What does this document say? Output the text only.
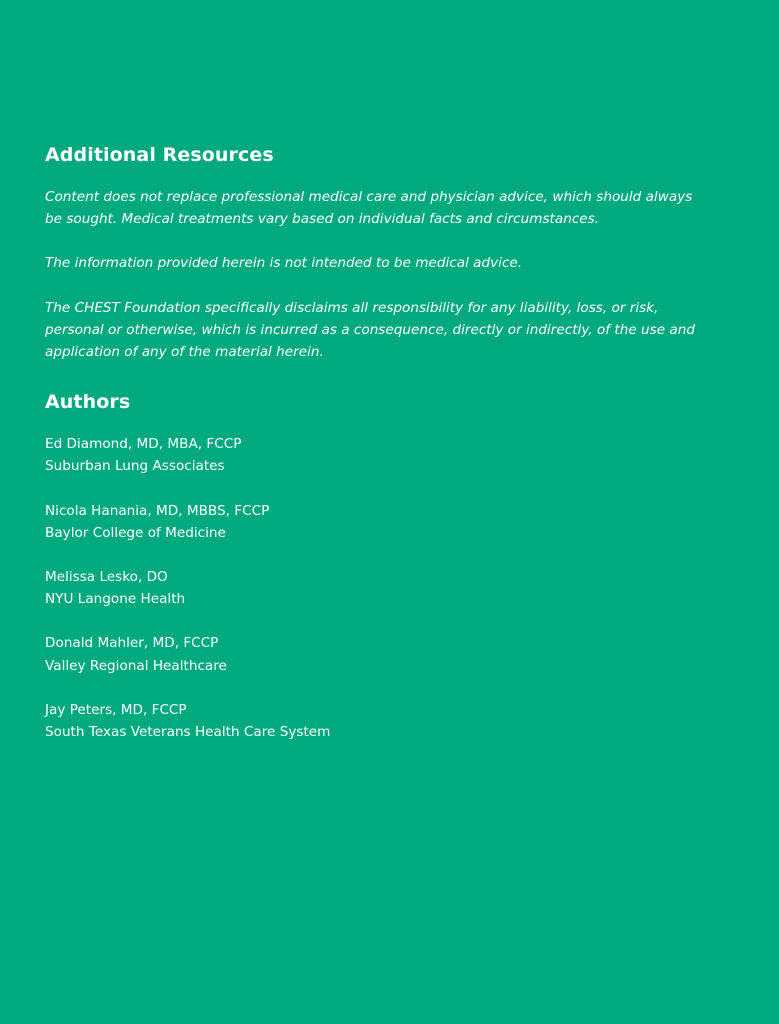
Additional Resources

Content does not replace professional medical care and physician advice, which should always be sought. Medical treatments vary based on individual facts and circumstances.

The information provided herein is not intended to be medical advice.

The CHEST Foundation specifically disclaims all responsibility for any liability, loss, or risk, personal or otherwise, which is incurred as a consequence, directly or indirectly, of the use and application of any of the material herein.

Authors
Ed Diamond, MD, MBA, FCCP
Suburban Lung Associates
Nicola Hanania, MD, MBBS, FCCP
Baylor College of Medicine
Melissa Lesko, DO
NYU Langone Health
Donald Mahler, MD, FCCP
Valley Regional Healthcare
Jay Peters, MD, FCCP
South Texas Veterans Health Care System
